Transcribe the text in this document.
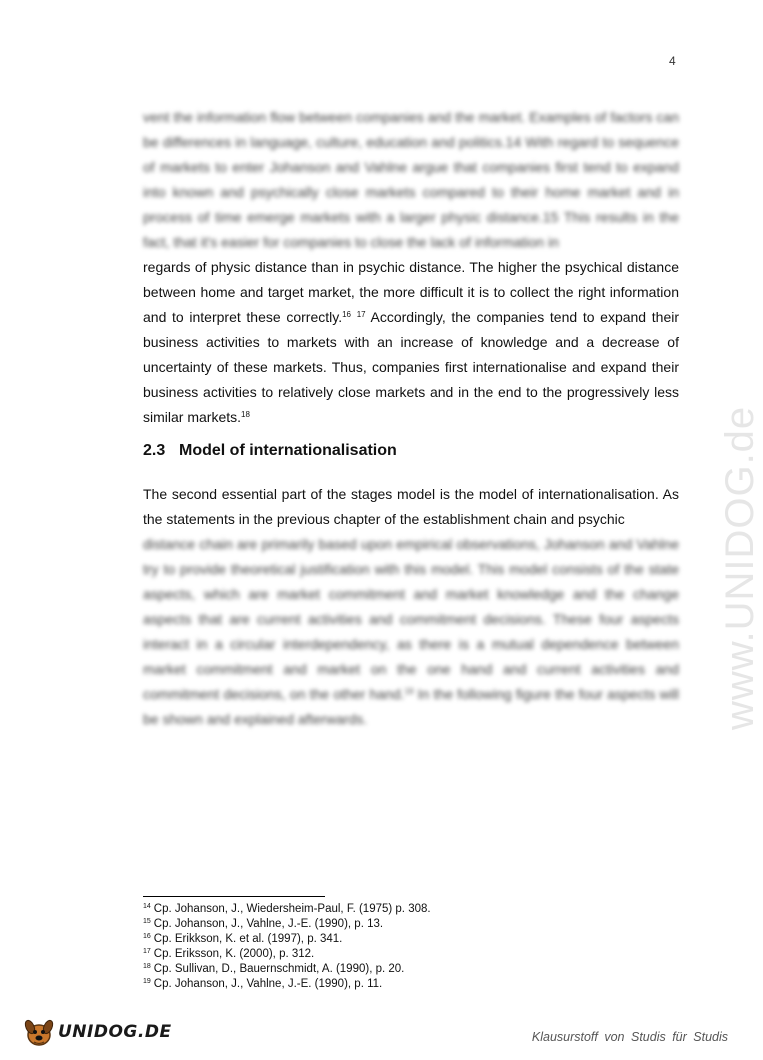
4

vent the information flow between companies and the market. Examples of factors can be differences in language, culture, education and politics.14 With regard to sequence of markets to enter Johanson and Vahlne argue that companies first tend to expand into known and psychically close markets compared to their home market and in process of time emerge markets with a larger physic distance.15 This results in the fact, that it's easier for companies to close the lack of information in

regards of physic distance than in psychic distance. The higher the psychical distance between home and target market, the more difficult it is to collect the right information and to interpret these correctly.$^{16}$ $^{17}$ Accordingly, the companies tend to expand their business activities to markets with an increase of knowledge and a decrease of uncertainty of these markets. Thus, companies first internationalise and expand their business activities to relatively close markets and in the end to the progressively less similar markets.$^{18}$

2.3 Model of internationalisation

The second essential part of the stages model is the model of internationalisation. As the statements in the previous chapter of the establishment chain and psychic

distance chain are primarily based upon empirical observations, Johanson and Vahlne try to provide theoretical justification with this model. This model consists of the state aspects, which are market commitment and market knowledge and the change aspects that are current activities and commitment decisions. These four aspects interact in a circular interdependency, as there is a mutual dependence between market commitment and market on the one hand and current activities and commitment decisions, on the other hand.$^{19}$ In the following figure the four aspects will be shown and explained afterwards.	www.UNIDOG.de
$^{14}$ Cp. Johanson, J., Wiedersheim-Paul, F. (1975) p. 308.
$^{15}$ Cp. Johanson, J., Vahlne, J.-E. (1990), p. 13.
$^{16}$ Cp. Erikkson, K. et al. (1997), p. 341.
$^{17}$ Cp. Eriksson, K. (2000), p. 312.
$^{18}$ Cp. Sullivan, D., Bauernschmidt, A. (1990), p. 20.
$^{19}$ Cp. Johanson, J., Vahlne, J.-E. (1990), p. 11.
UNIDOG.DE	Klausurstoff von Studis für Studis
